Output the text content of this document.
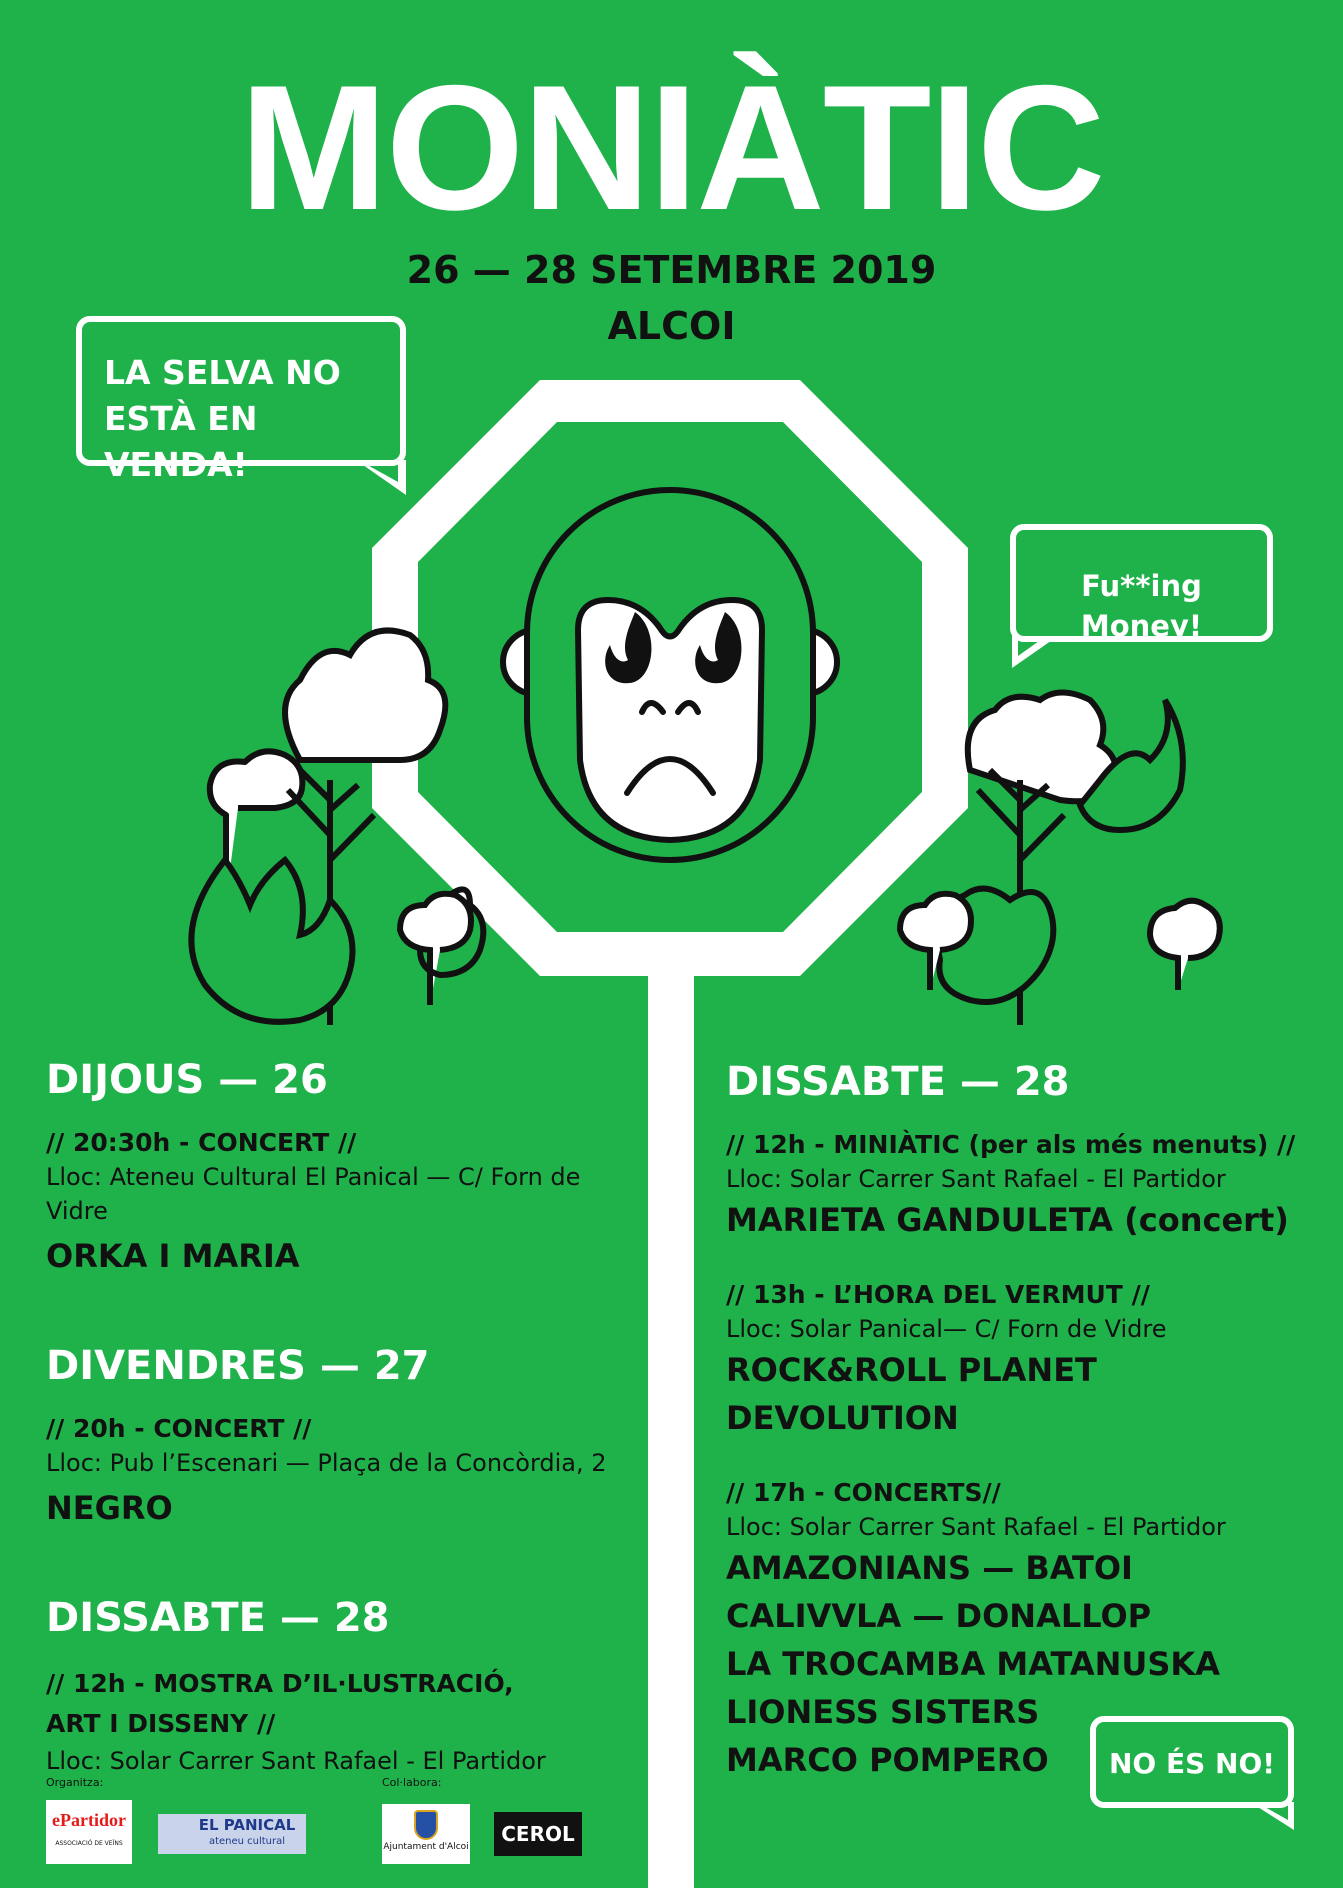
MONIÀTIC
26 — 28 SETEMBRE 2019
ALCOI
LA SELVA NO
ESTÀ EN VENDA!
Fu**ing Money!
NO ÉS NO!
DIJOUS — 26
// 20:30h - CONCERT //
Lloc: Ateneu Cultural El Panical — C/ Forn de Vidre
ORKA I MARIA
DIVENDRES — 27
// 20h - CONCERT //
Lloc: Pub l’Escenari — Plaça de la Concòrdia, 2
NEGRO
DISSABTE — 28
// 12h - MOSTRA D’IL·LUSTRACIÓ,
ART I DISSENY //
Lloc: Solar Carrer Sant Rafael - El Partidor
DISSABTE — 28
// 12h - MINIÀTIC (per als més menuts) //
Lloc: Solar Carrer Sant Rafael - El Partidor
MARIETA GANDULETA (concert)
// 13h - L’HORA DEL VERMUT //
Lloc: Solar Panical— C/ Forn de Vidre
ROCK&ROLL PLANET DEVOLUTION
// 17h - CONCERTS//
Lloc: Solar Carrer Sant Rafael - El Partidor
AMAZONIANS — BATOI
CALIVVLA — DONALLOP
LA TROCAMBA MATANUSKA
LIONESS SISTERS
MARCO POMPERO
Organitza:	Col·labora:
ePartidor
ASSOCIACIÓ DE VEÏNS
EL PANICAL
ateneu cultural	Ajuntament d'Alcoi
CEROL
